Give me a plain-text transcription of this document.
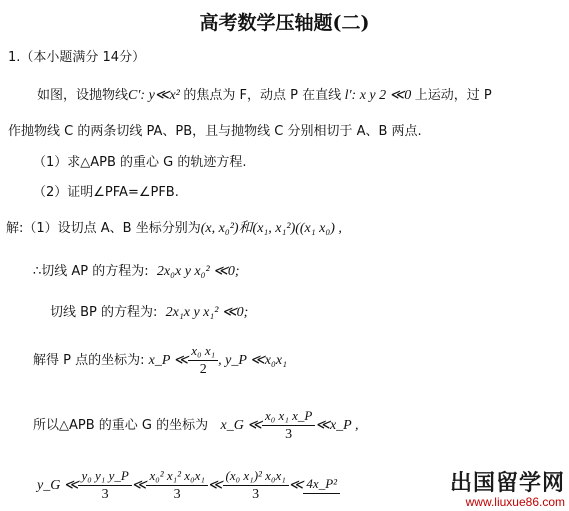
高考数学压轴题(二)
1.（本小题满分 14分）
如图，设抛物线C′: y≪x² 的焦点为 F，动点 P 在直线 l′: x y 2 ≪0 上运动，过 P
作抛物线 C 的两条切线 PA、PB，且与抛物线 C 分别相切于 A、B 两点.
（1）求△APB 的重心 G 的轨迹方程.
（2）证明∠PFA=∠PFB.
解:（1）设切点 A、B 坐标分别为(x, x₀²)和(x₁, x₁²)((x₁ x₀) ,
∴切线 AP 的方程为: 2x₀x y x₀² ≪0;
切线 BP 的方程为: 2x₁x y x₁² ≪0;
解得 P 点的坐标为: x_P ≪ $\frac{\text{x₀ x₁}}{2}$ , y_P ≪x₀x₁
所以△APB 的重心 G 的坐标为 x_G ≪ $\frac{\text{x₀ x₁ x\_P}}{3}$ ≪x_P ,
y_G ≪ $\frac{\text{y₀ y₁ y\_P}}{3}$ ≪ $\frac{\text{x₀² x₁² x₀x₁}}{3}$ ≪ $\frac{\text{(x₀ x₁)² x₀x₁}}{3}$ ≪ 4x_P²	出国留学网
www.liuxue86.com
